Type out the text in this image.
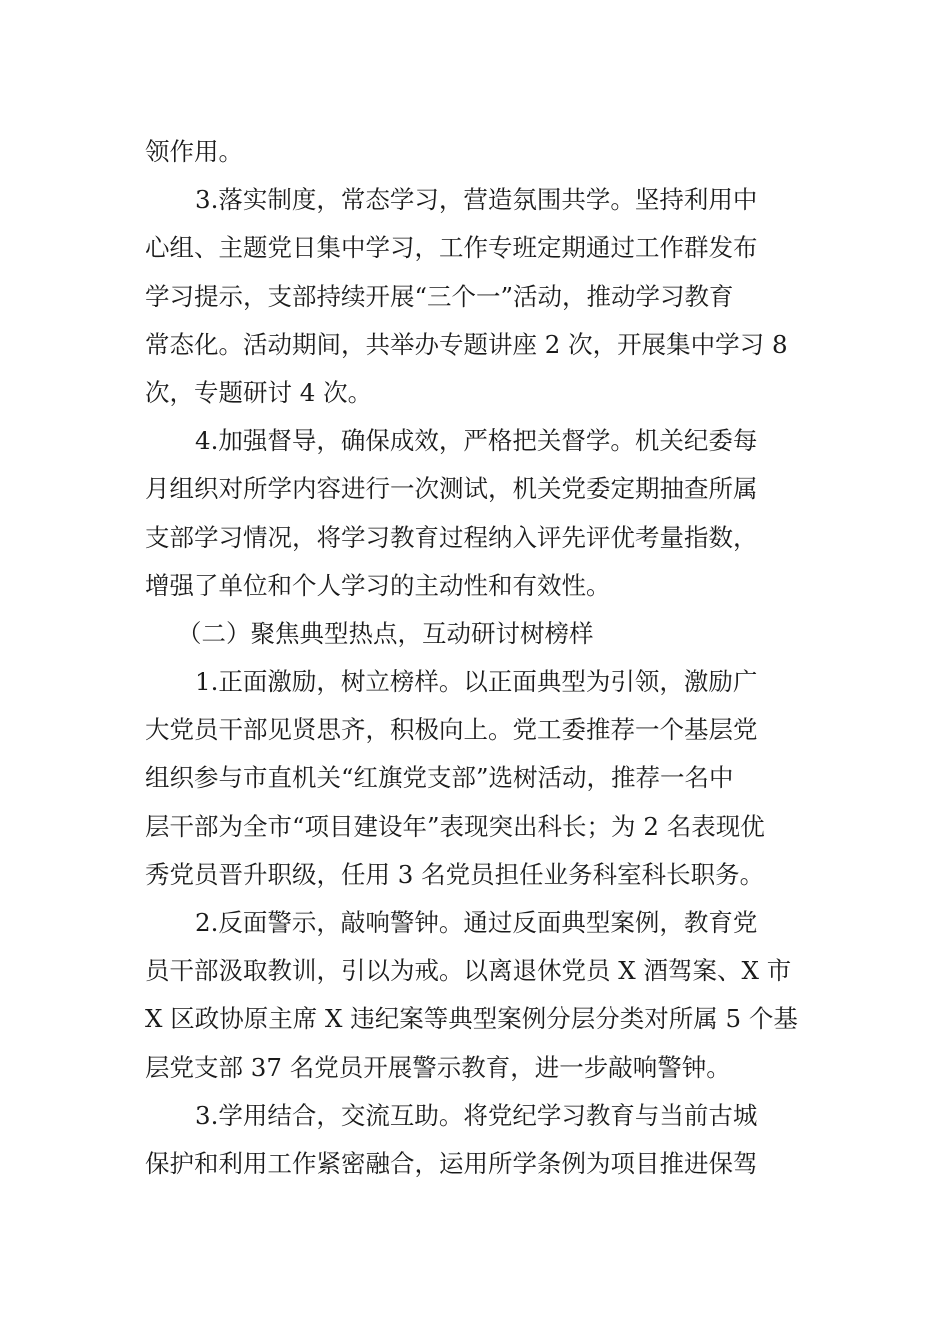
领作用。
3.落实制度，常态学习，营造氛围共学。坚持利用中
心组、主题党日集中学习，工作专班定期通过工作群发布
学习提示，支部持续开展“三个一”活动，推动学习教育
常态化。活动期间，共举办专题讲座 2 次，开展集中学习 8
次，专题研讨 4 次。
4.加强督导，确保成效，严格把关督学。机关纪委每
月组织对所学内容进行一次测试，机关党委定期抽查所属
支部学习情况，将学习教育过程纳入评先评优考量指数，
增强了单位和个人学习的主动性和有效性。
（二）聚焦典型热点，互动研讨树榜样
1.正面激励，树立榜样。以正面典型为引领，激励广
大党员干部见贤思齐，积极向上。党工委推荐一个基层党
组织参与市直机关“红旗党支部”选树活动，推荐一名中
层干部为全市“项目建设年”表现突出科长；为 2 名表现优
秀党员晋升职级，任用 3 名党员担任业务科室科长职务。
2.反面警示，敲响警钟。通过反面典型案例，教育党
员干部汲取教训，引以为戒。以离退休党员 X 酒驾案、X 市
X 区政协原主席 X 违纪案等典型案例分层分类对所属 5 个基
层党支部 37 名党员开展警示教育，进一步敲响警钟。
3.学用结合，交流互助。将党纪学习教育与当前古城
保护和利用工作紧密融合，运用所学条例为项目推进保驾
